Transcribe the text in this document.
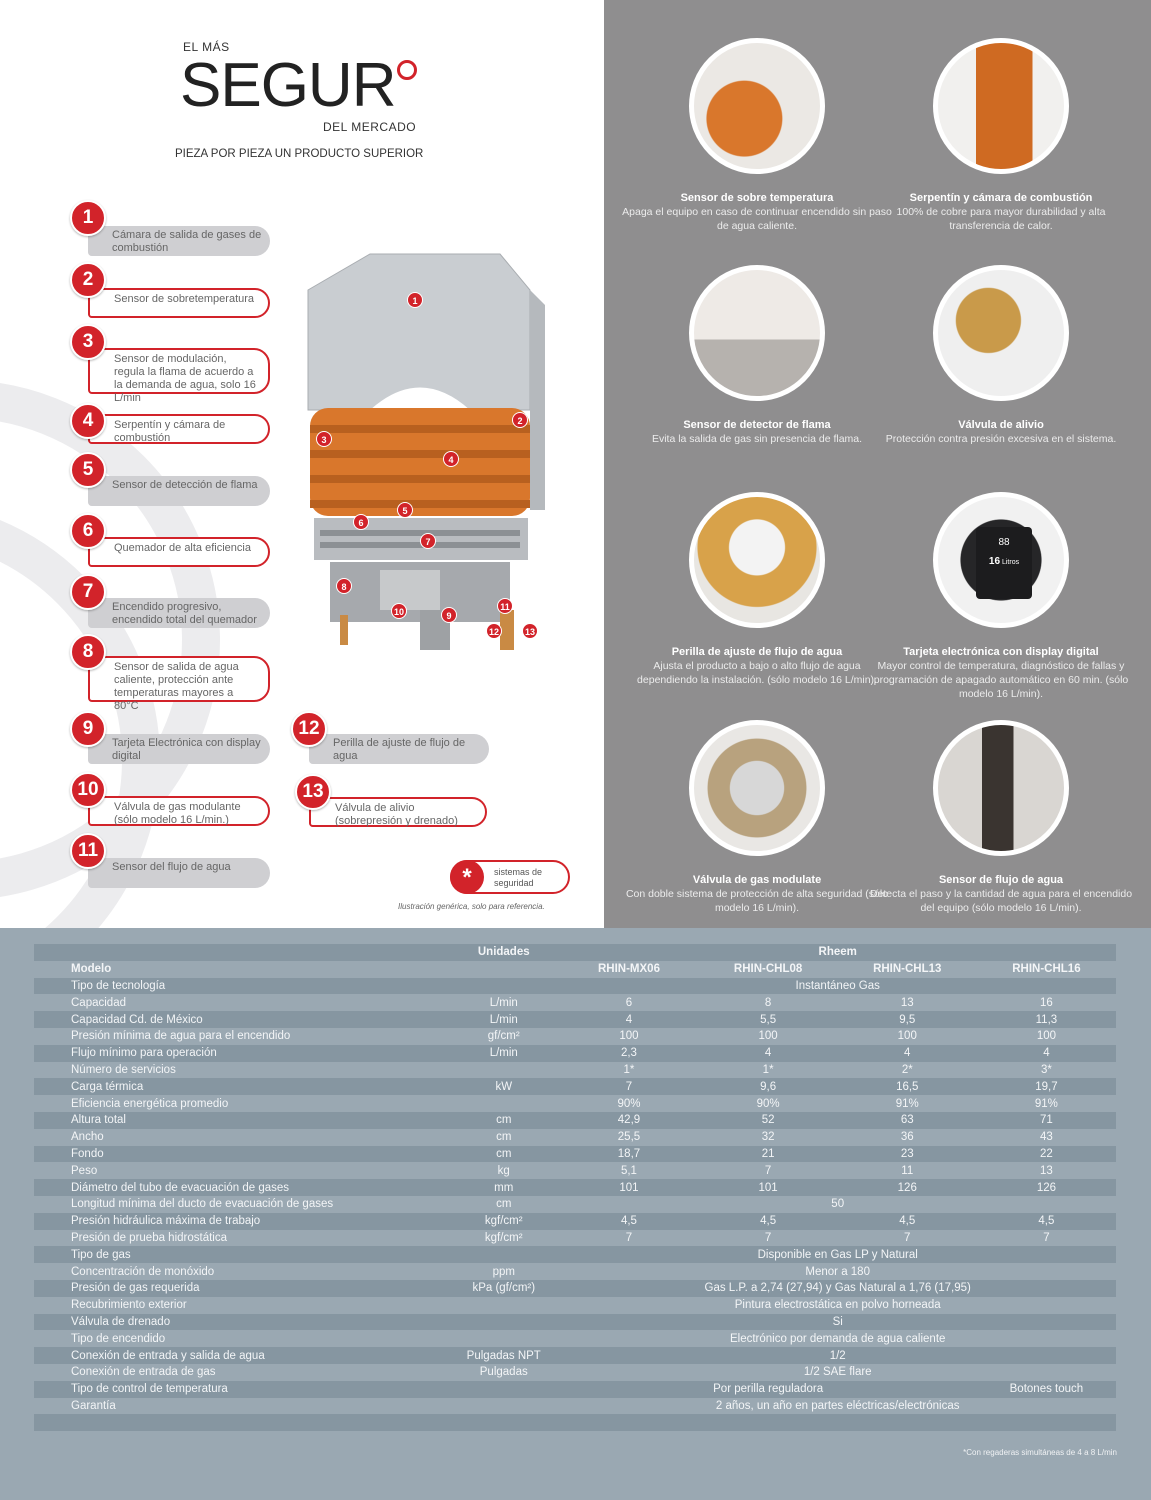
EL MÁS
SEGUR
DEL MERCADO
PIEZA POR PIEZA UN PRODUCTO SUPERIOR
Cámara de salida de gases de combustión
1
Sensor de sobretemperatura
2
Sensor de modulación, regula la flama de acuerdo a la demanda de agua, solo 16 L/min
3
Serpentín y cámara de combustión
4
Sensor de detección de flama
5
Quemador de alta eficiencia
6
Encendido progresivo, encendido total del quemador
7
Sensor de salida de agua caliente, protección ante temperaturas mayores a 80°C
8
Tarjeta Electrónica con display digital
9
Válvula de gas modulante (sólo modelo 16 L/min.)
10
Sensor del flujo de agua
11
Perilla de ajuste de flujo de agua
12
Válvula de alivio (sobrepresión y drenado)
13
1
2
3
4
5
6
7
8
9
10	11
12	13
*	sistemas de seguridad
Ilustración genérica, solo para referencia.
Sensor de sobre temperatura
Apaga el equipo en caso de continuar encendido sin paso de agua caliente.
Serpentín y cámara de combustión
100% de cobre para mayor durabilidad y alta transferencia de calor.
Sensor de detector de flama
Evita la salida de gas sin presencia de flama.
Válvula de alivio
Protección contra presión excesiva en el sistema.
Perilla de ajuste de flujo de agua
Ajusta el producto a bajo o alto flujo de agua dependiendo la instalación. (sólo modelo 16 L/min).
88
16 Litros
Tarjeta electrónica con display digital
Mayor control de temperatura, diagnóstico de fallas y programación de apagado automático en 60 min. (sólo modelo 16 L/min).
Válvula de gas modulate
Con doble sistema de protección de alta seguridad (sólo modelo 16 L/min).
Sensor de flujo de agua
Detecta el paso y la cantidad de agua para el encendido del equipo (sólo modelo 16 L/min).
	Unidades	Rheem			
Modelo		RHIN-MX06	RHIN-CHL08	RHIN-CHL13	RHIN-CHL16
Tipo de tecnología		Instantáneo Gas			
Capacidad	L/min	6	8	13	16
Capacidad Cd. de México	L/min	4	5,5	9,5	11,3
Presión mínima de agua para el encendido	gf/cm²	100	100	100	100
Flujo mínimo para operación	L/min	2,3	4	4	4
Número de servicios		1*	1*	2*	3*
Carga térmica	kW	7	9,6	16,5	19,7
Eficiencia energética promedio		90%	90%	91%	91%
Altura total	cm	42,9	52	63	71
Ancho	cm	25,5	32	36	43
Fondo	cm	18,7	21	23	22
Peso	kg	5,1	7	11	13
Diámetro del tubo de evacuación de gases	mm	101	101	126	126
Longitud mínima del ducto de evacuación de gases	cm	50			
Presión hidráulica máxima de trabajo	kgf/cm²	4,5	4,5	4,5	4,5
Presión de prueba hidrostática	kgf/cm²	7	7	7	7
Tipo de gas		Disponible en Gas LP y Natural			
Concentración de monóxido	ppm	Menor a 180			
Presión de gas requerida	kPa (gf/cm²)	Gas L.P. a 2,74 (27,94) y Gas Natural a 1,76 (17,95)			
Recubrimiento exterior		Pintura electrostática en polvo horneada			
Válvula de drenado		Si			
Tipo de encendido		Electrónico por demanda de agua caliente			
Conexión de entrada y salida de agua	Pulgadas NPT	1/2			
Conexión de entrada de gas	Pulgadas	1/2 SAE flare			
Tipo de control de temperatura		Por perilla reguladora			Botones touch
Garantía		2 años, un año en partes eléctricas/electrónicas			

*Con regaderas simultáneas de 4 a 8 L/min
